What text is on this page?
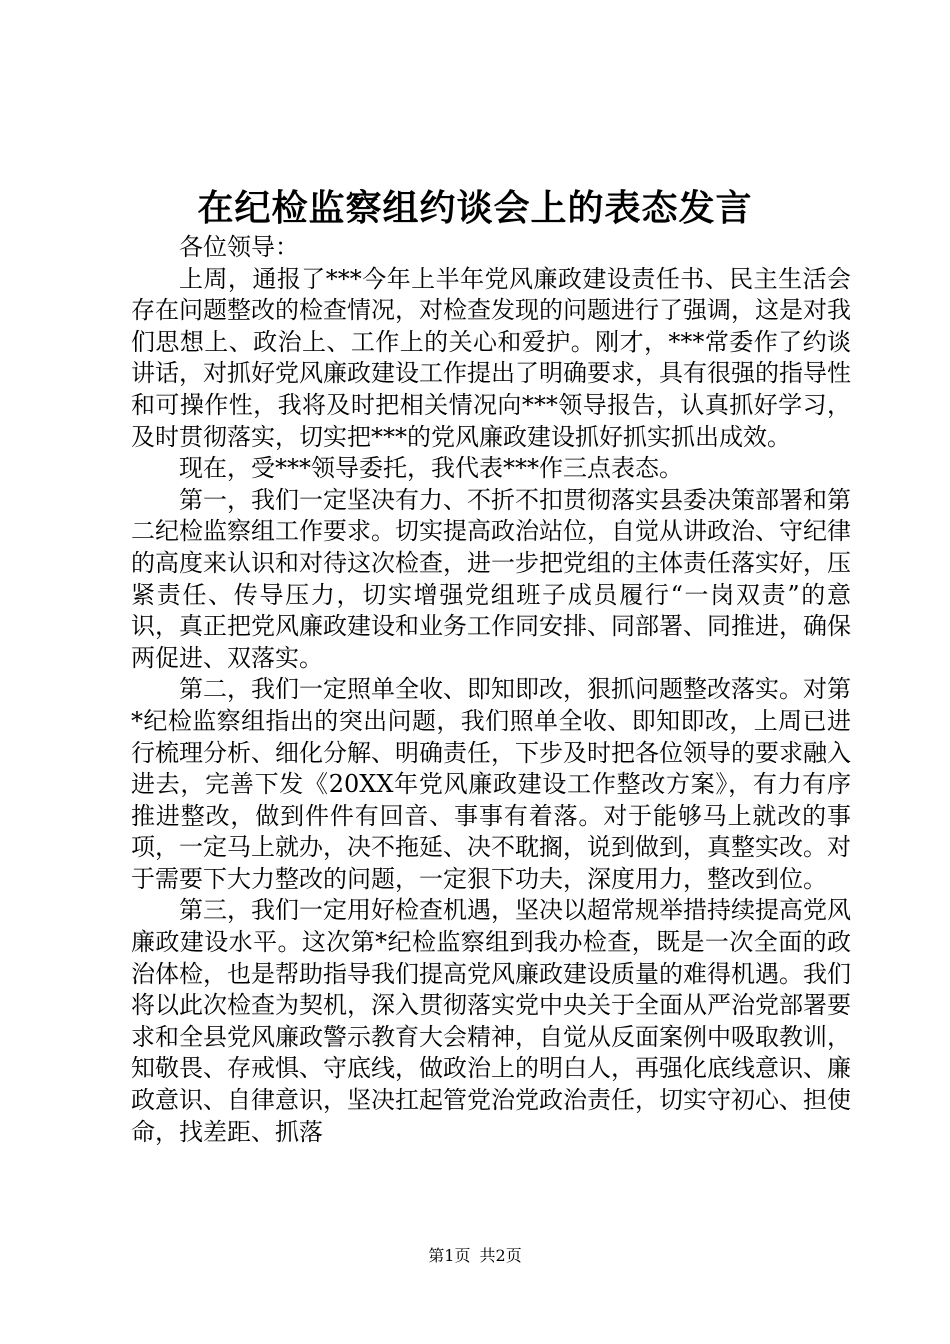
在纪检监察组约谈会上的表态发言

各位领导：

上周，通报了***今年上半年党风廉政建设责任书、民主生活会存在问题整改的检查情况，对检查发现的问题进行了强调，这是对我们思想上、政治上、工作上的关心和爱护。刚才，***常委作了约谈讲话，对抓好党风廉政建设工作提出了明确要求，具有很强的指导性和可操作性，我将及时把相关情况向***领导报告，认真抓好学习，及时贯彻落实，切实把***的党风廉政建设抓好抓实抓出成效。

现在，受***领导委托，我代表***作三点表态。

第一，我们一定坚决有力、不折不扣贯彻落实县委决策部署和第二纪检监察组工作要求。切实提高政治站位，自觉从讲政治、守纪律的高度来认识和对待这次检查，进一步把党组的主体责任落实好，压紧责任、传导压力，切实增强党组班子成员履行“一岗双责”的意识，真正把党风廉政建设和业务工作同安排、同部署、同推进，确保两促进、双落实。

第二，我们一定照单全收、即知即改，狠抓问题整改落实。对第*纪检监察组指出的突出问题，我们照单全收、即知即改，上周已进行梳理分析、细化分解、明确责任，下步及时把各位领导的要求融入进去，完善下发《20XX年党风廉政建设工作整改方案》，有力有序推进整改，做到件件有回音、事事有着落。对于能够马上就改的事项，一定马上就办，决不拖延、决不耽搁，说到做到，真整实改。对于需要下大力整改的问题，一定狠下功夫，深度用力，整改到位。

第三，我们一定用好检查机遇，坚决以超常规举措持续提高党风廉政建设水平。这次第*纪检监察组到我办检查，既是一次全面的政治体检，也是帮助指导我们提高党风廉政建设质量的难得机遇。我们将以此次检查为契机，深入贯彻落实党中央关于全面从严治党部署要求和全县党风廉政警示教育大会精神，自觉从反面案例中吸取教训，知敬畏、存戒惧、守底线，做政治上的明白人，再强化底线意识、廉政意识、自律意识，坚决扛起管党治党政治责任，切实守初心、担使命，找差距、抓落

第1页 共2页
